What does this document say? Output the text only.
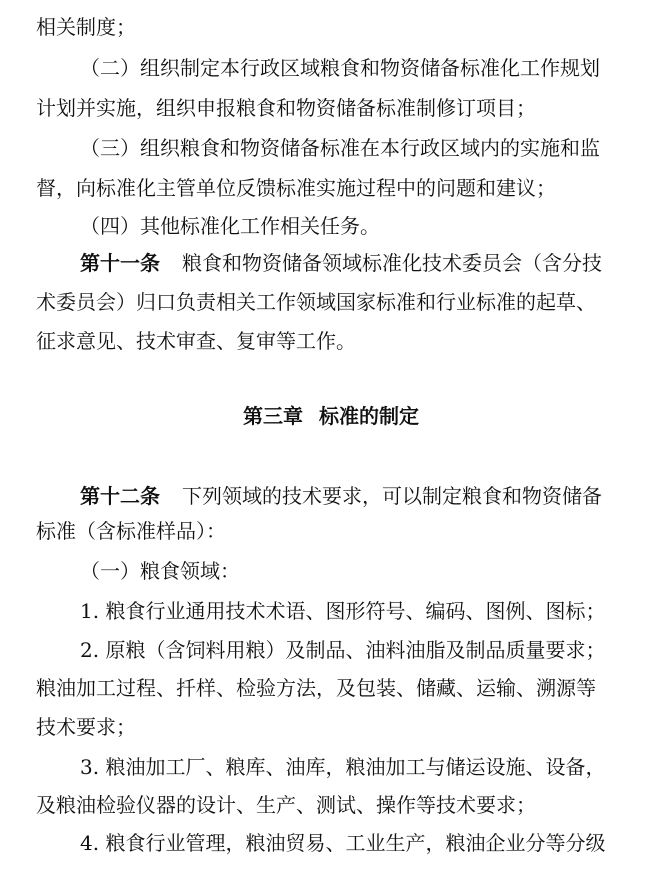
相关制度；
（二）组织制定本行政区域粮食和物资储备标准化工作规划
计划并实施，组织申报粮食和物资储备标准制修订项目；
（三）组织粮食和物资储备标准在本行政区域内的实施和监
督，向标准化主管单位反馈标准实施过程中的问题和建议；
（四）其他标准化工作相关任务。
第十一条 粮食和物资储备领域标准化技术委员会（含分技
术委员会）归口负责相关工作领域国家标准和行业标准的起草、
征求意见、技术审查、复审等工作。
第三章 标准的制定
第十二条 下列领域的技术要求，可以制定粮食和物资储备
标准（含标准样品）：
（一）粮食领域：
1. 粮食行业通用技术术语、图形符号、编码、图例、图标；
2. 原粮（含饲料用粮）及制品、油料油脂及制品质量要求；
粮油加工过程、扦样、检验方法，及包装、储藏、运输、溯源等
技术要求；
3. 粮油加工厂、粮库、油库，粮油加工与储运设施、设备，
及粮油检验仪器的设计、生产、测试、操作等技术要求；
4. 粮食行业管理，粮油贸易、工业生产，粮油企业分等分级
